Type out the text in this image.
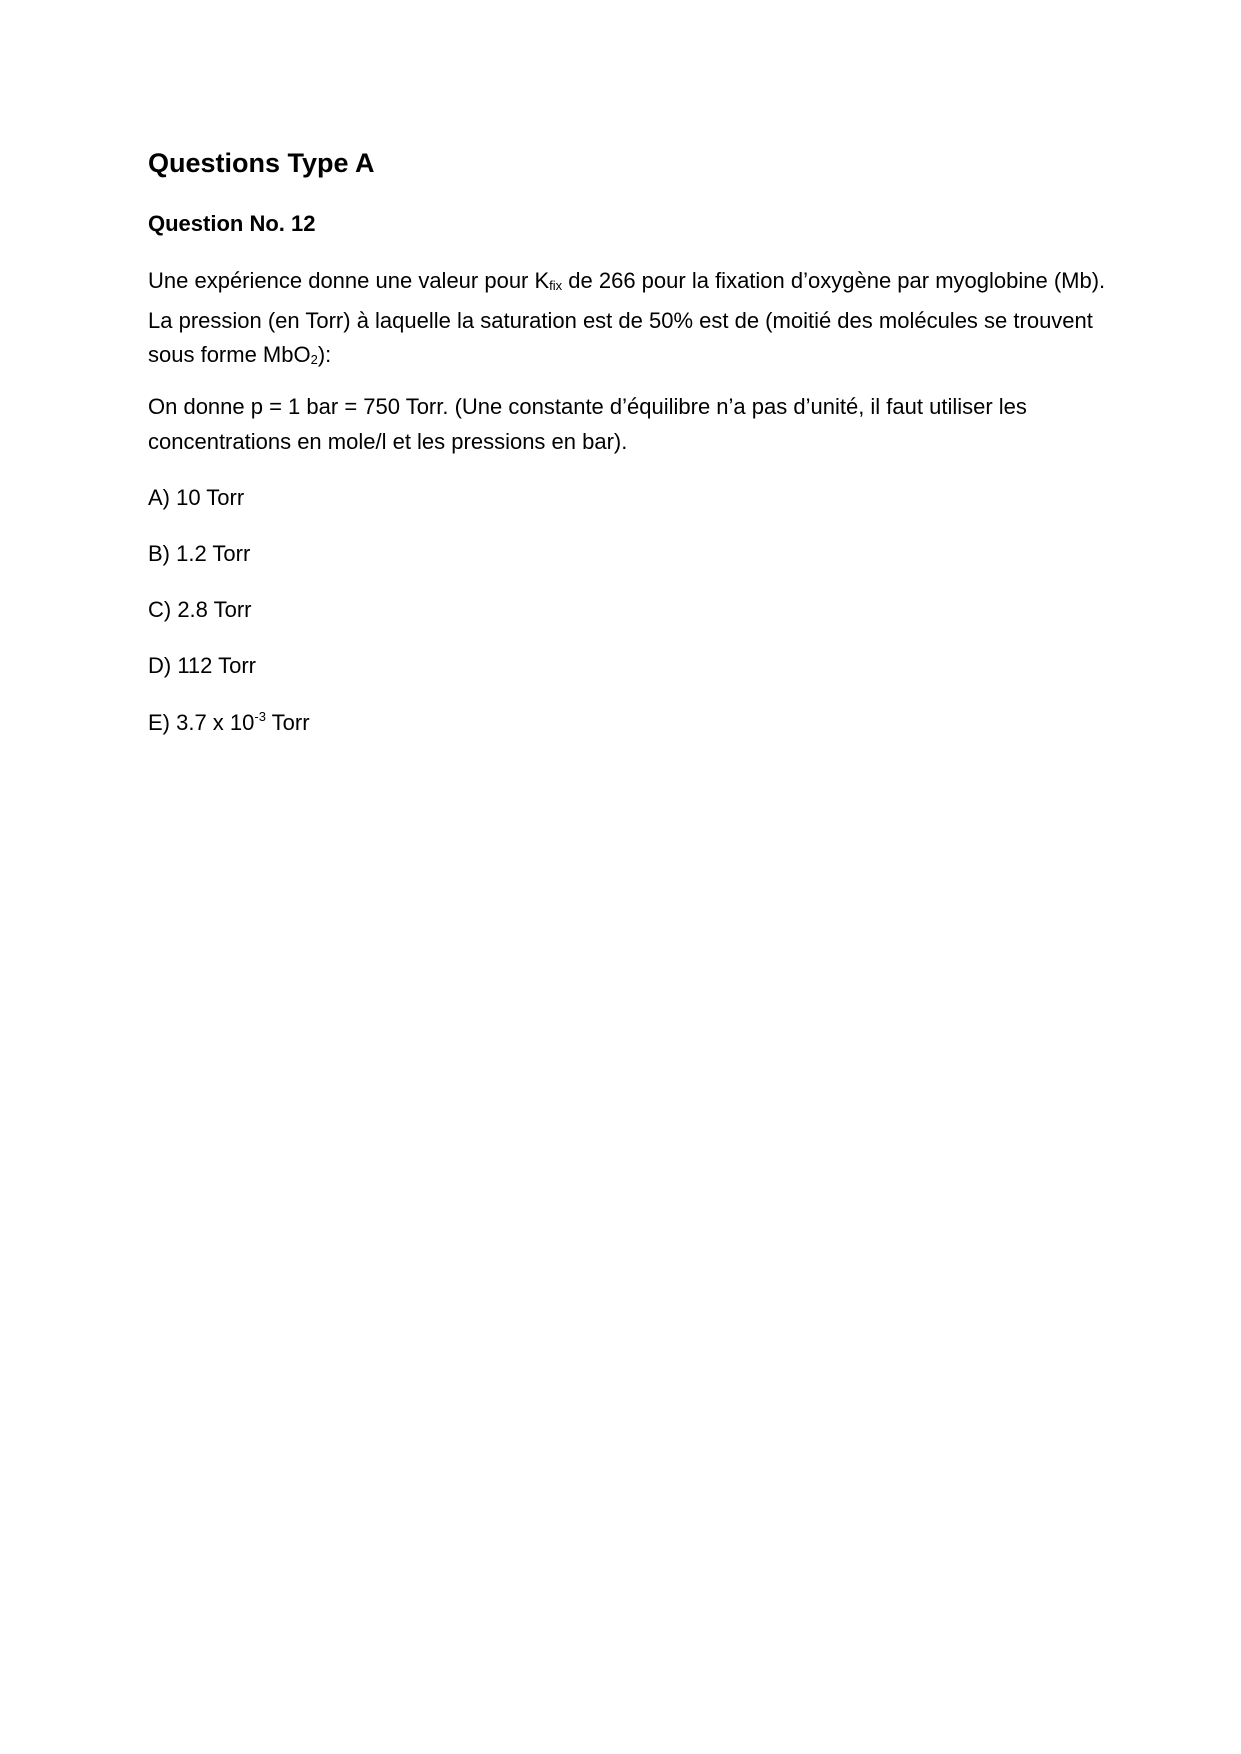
Questions Type A
Question No. 12
Une expérience donne une valeur pour $K_{fix}$ de 266 pour la fixation d’oxygène par myoglobine (Mb). La pression (en Torr) à laquelle la saturation est de 50% est de (moitié des molécules se trouvent sous forme MbO$_2$):
On donne p = 1 bar = 750 Torr. (Une constante d’équilibre n’a pas d’unité, il faut utiliser les concentrations en mole/l et les pressions en bar).
A) 10 Torr
B) 1.2 Torr
C) 2.8 Torr
D) 112 Torr
E) 3.7 x $10^{-3}$ Torr
